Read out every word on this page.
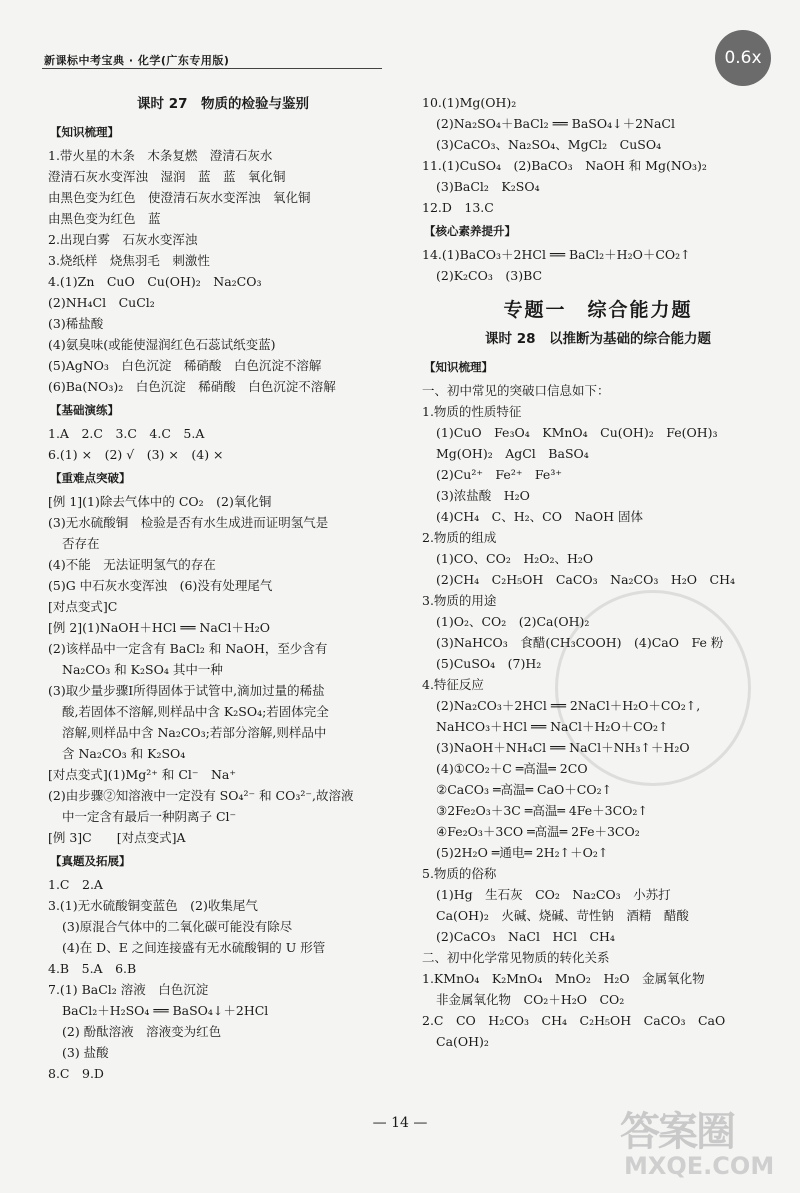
新课标中考宝典 · 化学(广东专用版)	0.6x
课时 27　物质的检验与鉴别
【知识梳理】

1.带火星的木条　木条复燃　澄清石灰水
澄清石灰水变浑浊　湿润　蓝　蓝　氧化铜
由黑色变为红色　使澄清石灰水变浑浊　氧化铜
由黑色变为红色　蓝
2.出现白雾　石灰水变浑浊
3.烧纸样　烧焦羽毛　刺激性
4.(1)Zn　CuO　Cu(OH)₂　Na₂CO₃
(2)NH₄Cl　CuCl₂
(3)稀盐酸
(4)氨臭味(或能使湿润红色石蕊试纸变蓝)
(5)AgNO₃　白色沉淀　稀硝酸　白色沉淀不溶解
(6)Ba(NO₃)₂　白色沉淀　稀硝酸　白色沉淀不溶解
【基础演练】

1.A　2.C　3.C　4.C　5.A
6.(1) ×　(2) √　(3) ×　(4) ×
【重难点突破】

[例 1](1)除去气体中的 CO₂　(2)氧化铜
(3)无水硫酸铜　检验是否有水生成进而证明氢气是
否存在
(4)不能　无法证明氢气的存在
(5)G 中石灰水变浑浊　(6)没有处理尾气
[对点变式]C
[例 2](1)NaOH＋HCl ══ NaCl＋H₂O
(2)该样品中一定含有 BaCl₂ 和 NaOH，至少含有
Na₂CO₃ 和 K₂SO₄ 其中一种
(3)取少量步骤Ⅰ所得固体于试管中,滴加过量的稀盐
酸,若固体不溶解,则样品中含 K₂SO₄;若固体完全
溶解,则样品中含 Na₂CO₃;若部分溶解,则样品中
含 Na₂CO₃ 和 K₂SO₄
[对点变式](1)Mg²⁺ 和 Cl⁻　Na⁺
(2)由步骤②知溶液中一定没有 SO₄²⁻ 和 CO₃²⁻,故溶液
中一定含有最后一种阴离子 Cl⁻
[例 3]C　　[对点变式]A
【真题及拓展】

1.C　2.A
3.(1)无水硫酸铜变蓝色　(2)收集尾气
(3)原混合气体中的二氧化碳可能没有除尽
(4)在 D、E 之间连接盛有无水硫酸铜的 U 形管
4.B　5.A　6.B
7.(1) BaCl₂ 溶液　白色沉淀
BaCl₂＋H₂SO₄ ══ BaSO₄↓＋2HCl
(2) 酚酞溶液　溶液变为红色
(3) 盐酸
8.C　9.D
10.(1)Mg(OH)₂
(2)Na₂SO₄＋BaCl₂ ══ BaSO₄↓＋2NaCl
(3)CaCO₃、Na₂SO₄、MgCl₂　CuSO₄
11.(1)CuSO₄　(2)BaCO₃　NaOH 和 Mg(NO₃)₂
(3)BaCl₂　K₂SO₄
12.D　13.C
【核心素养提升】

14.(1)BaCO₃＋2HCl ══ BaCl₂＋H₂O＋CO₂↑
(2)K₂CO₃　(3)BC
专题一　综合能力题
课时 28　以推断为基础的综合能力题
【知识梳理】

一、初中常见的突破口信息如下：
1.物质的性质特征
(1)CuO　Fe₃O₄　KMnO₄　Cu(OH)₂　Fe(OH)₃
Mg(OH)₂　AgCl　BaSO₄
(2)Cu²⁺　Fe²⁺　Fe³⁺
(3)浓盐酸　H₂O
(4)CH₄　C、H₂、CO　NaOH 固体
2.物质的组成
(1)CO、CO₂　H₂O₂、H₂O
(2)CH₄　C₂H₅OH　CaCO₃　Na₂CO₃　H₂O　CH₄
3.物质的用途
(1)O₂、CO₂　(2)Ca(OH)₂
(3)NaHCO₃　食醋(CH₃COOH)　(4)CaO　Fe 粉
(5)CuSO₄　(7)H₂
4.特征反应
(2)Na₂CO₃＋2HCl ══ 2NaCl＋H₂O＋CO₂↑,
NaHCO₃＋HCl ══ NaCl＋H₂O＋CO₂↑
(3)NaOH＋NH₄Cl ══ NaCl＋NH₃↑＋H₂O
(4)①CO₂＋C ═高温═ 2CO
②CaCO₃ ═高温═ CaO＋CO₂↑
③2Fe₂O₃＋3C ═高温═ 4Fe＋3CO₂↑
④Fe₂O₃＋3CO ═高温═ 2Fe＋3CO₂
(5)2H₂O ═通电═ 2H₂↑＋O₂↑
5.物质的俗称
(1)Hg　生石灰　CO₂　Na₂CO₃　小苏打
Ca(OH)₂　火碱、烧碱、苛性钠　酒精　醋酸
(2)CaCO₃　NaCl　HCl　CH₄
二、初中化学常见物质的转化关系
1.KMnO₄　K₂MnO₄　MnO₂　H₂O　金属氧化物
非金属氧化物　CO₂＋H₂O　CO₂
2.C　CO　H₂CO₃　CH₄　C₂H₅OH　CaCO₃　CaO
Ca(OH)₂
— 14 —	答案圈
MXQE.COM
